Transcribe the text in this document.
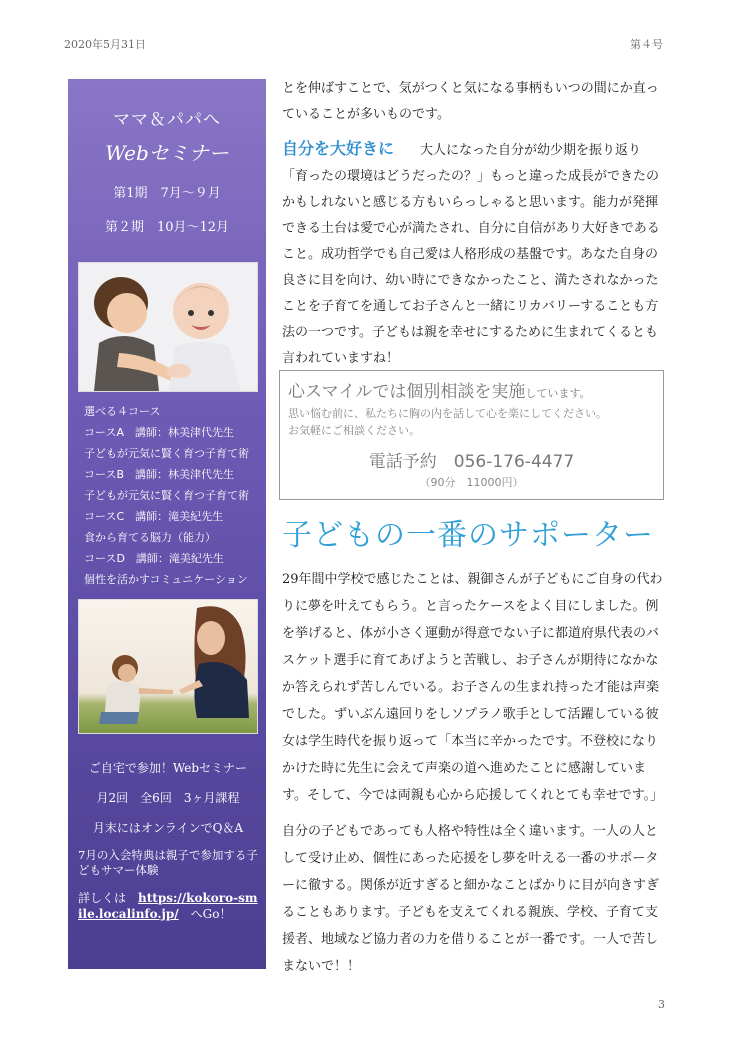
2020年5月31日	第４号
ママ＆パパへ
Webセミナー
第1期　7月〜９月
第２期　10月〜12月
選べる４コース
コースA　講師：林美津代先生
子どもが元気に賢く育つ子育て術
コースB　講師：林美津代先生
子どもが元気に賢く育つ子育て術
コースC　講師：滝美紀先生
食から育てる脳力（能力）
コースD　講師：滝美紀先生
個性を活かすコミュニケーション
ご自宅で参加！Webセミナー
月2回　全6回　3ヶ月課程
月末にはオンラインでQ＆A
7月の入会特典は親子で参加する子どもサマー体験
詳しくは　https://kokoro-smile.localinfo.jp/　へGo！
とを伸ばすことで、気がつくと気になる事柄もいつの間にか直っていることが多いものです。
自分を大好きに　　大人になった自分が幼少期を振り返り「育ったの環境はどうだったの？」もっと違った成長ができたのかもしれないと感じる方もいらっしゃると思います。能力が発揮できる土台は愛で心が満たされ、自分に自信があり大好きであること。成功哲学でも自己愛は人格形成の基盤です。あなた自身の良さに目を向け、幼い時にできなかったこと、満たされなかったことを子育てを通してお子さんと一緒にリカバリーすることも方法の一つです。子どもは親を幸せにするために生まれてくるとも言われていますね！
心スマイルでは個別相談を実施しています。
思い悩む前に、私たちに胸の内を話して心を楽にしてください。
お気軽にご相談ください。
電話予約　056-176-4477
（90分　11000円）
子どもの一番のサポーター
29年間中学校で感じたことは、親御さんが子どもにご自身の代わりに夢を叶えてもらう。と言ったケースをよく目にしました。例を挙げると、体が小さく運動が得意でない子に都道府県代表のバスケット選手に育てあげようと苦戦し、お子さんが期待になかなか答えられず苦しんでいる。お子さんの生まれ持った才能は声楽でした。ずいぶん遠回りをしソプラノ歌手として活躍している彼女は学生時代を振り返って「本当に辛かったです。不登校になりかけた時に先生に会えて声楽の道へ進めたことに感謝しています。そして、今では両親も心から応援してくれとても幸せです。」
自分の子どもであっても人格や特性は全く違います。一人の人として受け止め、個性にあった応援をし夢を叶える一番のサポーターに徹する。関係が近すぎると細かなことばかりに目が向きすぎることもあります。子どもを支えてくれる親族、学校、子育て支援者、地域など協力者の力を借りることが一番です。一人で苦しまないで！！
3
